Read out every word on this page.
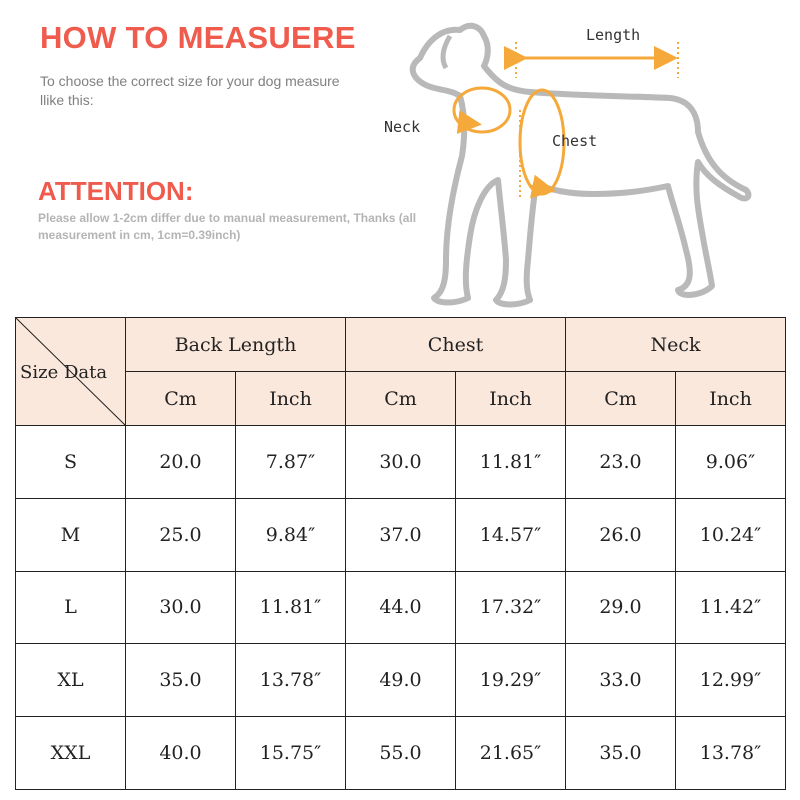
HOW TO MEASUERE
To choose the correct size for your dog measure llike this:
ATTENTION:
Please allow 1-2cm differ due to manual measurement, Thanks (all measurement in cm, 1cm=0.39inch)
Length
Neck
Chest
Size Data	Back Length		Chest		Neck	
	Cm	Inch	Cm	Inch	Cm	Inch
S	20.0	7.87″	30.0	11.81″	23.0	9.06″
M	25.0	9.84″	37.0	14.57″	26.0	10.24″
L	30.0	11.81″	44.0	17.32″	29.0	11.42″
XL	35.0	13.78″	49.0	19.29″	33.0	12.99″
XXL	40.0	15.75″	55.0	21.65″	35.0	13.78″
